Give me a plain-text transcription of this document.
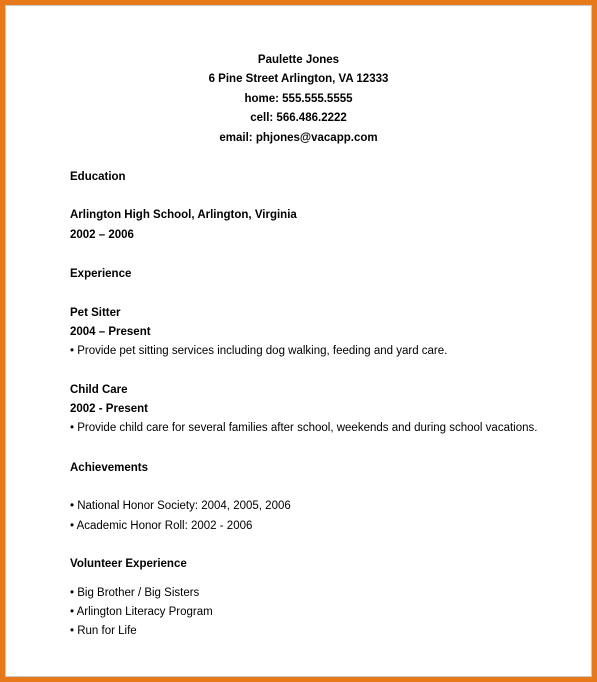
Paulette Jones
6 Pine Street Arlington, VA 12333
home: 555.555.5555
cell: 566.486.2222
email: phjones@vacapp.com
Education
Arlington High School, Arlington, Virginia
2002 – 2006
Experience
Pet Sitter
2004 – Present
• Provide pet sitting services including dog walking, feeding and yard care.
Child Care
2002 - Present
• Provide child care for several families after school, weekends and during school vacations.
Achievements
• National Honor Society: 2004, 2005, 2006
• Academic Honor Roll: 2002 - 2006
Volunteer Experience
• Big Brother / Big Sisters
• Arlington Literacy Program
• Run for Life
